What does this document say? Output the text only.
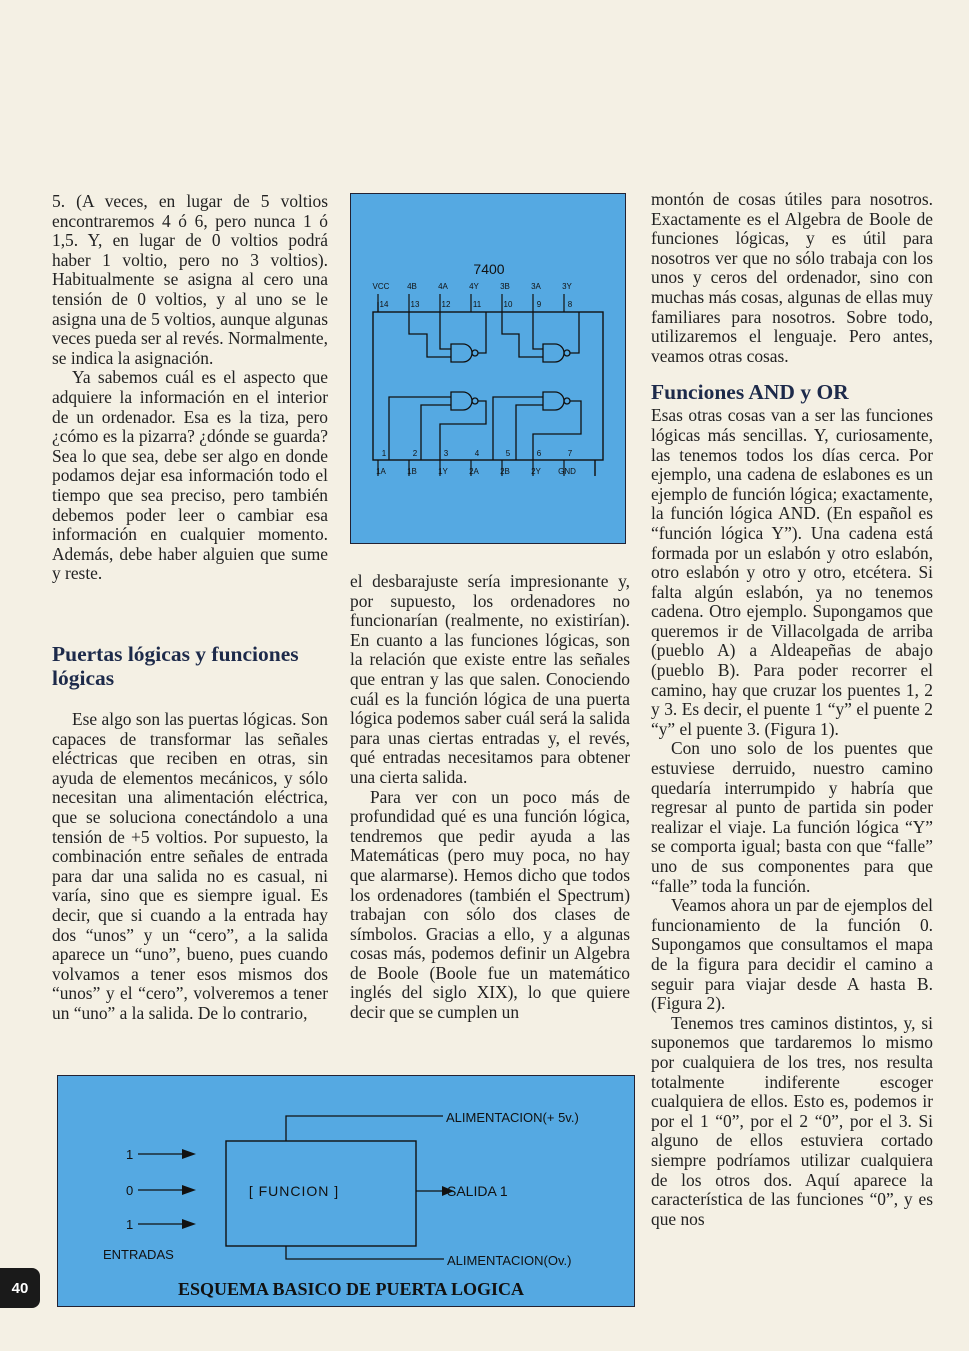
5. (A veces, en lugar de 5 voltios encontraremos 4 ó 6, pero nunca 1 ó 1,5. Y, en lugar de 0 voltios podrá haber 1 voltio, pero no 3 voltios). Habitualmente se asigna al cero una tensión de 0 voltios, y al uno se le asigna una de 5 voltios, aunque algunas veces pueda ser al revés. Normalmente, se indica la asignación.

Ya sabemos cuál es el aspecto que adquiere la información en el interior de un ordenador. Esa es la tiza, pero ¿cómo es la pizarra? ¿dónde se guarda? Sea lo que sea, debe ser algo en donde podamos dejar esa información todo el tiempo que sea preciso, pero también debemos poder leer o cambiar esa información en cualquier momento. Además, debe haber alguien que sume y reste.

Puertas lógicas y funciones lógicas

Ese algo son las puertas lógicas. Son capaces de transformar las señales eléctricas que reciben en otras, sin ayuda de elementos mecánicos, y sólo necesitan una alimentación eléctrica, que se soluciona conectándolo a una tensión de +5 voltios. Por supuesto, la combinación entre señales de entrada para dar una salida no es casual, ni varía, sino que es siempre igual. Es decir, que si cuando a la entrada hay dos “unos” y un “cero”, a la salida aparece un “uno”, bueno, pues cuando volvamos a tener esos mismos dos “unos” y el “cero”, volveremos a tener un “uno” a la salida. De lo contrario,

7400
VCC 4B	4A	4Y	3B	3A	3Y
14	13	12	11	10	9	8
1	2	3	4	5	6	7
1A	1B	1Y	2A	2B	2Y GND

el desbarajuste sería impresionante y, por supuesto, los ordenadores no funcionarían (realmente, no existirían). En cuanto a las funciones lógicas, son la relación que existe entre las señales que entran y las que salen. Conociendo cuál es la función lógica de una puerta lógica podemos saber cuál será la salida para unas ciertas entradas y, el revés, qué entradas necesitamos para obtener una cierta salida.

Para ver con un poco más de profundidad qué es una función lógica, tendremos que pedir ayuda a las Matemáticas (pero muy poca, no hay que alarmarse). Hemos dicho que todos los ordenadores (también el Spectrum) trabajan con sólo dos clases de símbolos. Gracias a ello, y a algunas cosas más, podemos definir un Algebra de Boole (Boole fue un matemático inglés del siglo XIX), lo que quiere decir que se cumplen un

montón de cosas útiles para nosotros. Exactamente es el Algebra de Boole de funciones lógicas, y es útil para nosotros ver que no sólo trabaja con los unos y ceros del ordenador, sino con muchas más cosas, algunas de ellas muy familiares para nosotros. Sobre todo, utilizaremos el lenguaje. Pero antes, veamos otras cosas.

Funciones AND y OR

Esas otras cosas van a ser las funciones lógicas más sencillas. Y, curiosamente, las tenemos todos los días cerca. Por ejemplo, una cadena de eslabones es un ejemplo de función lógica; exactamente, la función lógica AND. (En español es “función lógica Y”). Una cadena está formada por un eslabón y otro eslabón, otro eslabón y otro y otro, etcétera. Si falta algún eslabón, ya no tenemos cadena. Otro ejemplo. Supongamos que queremos ir de Villacolgada de arriba (pueblo A) a Aldeapeñas de abajo (pueblo B). Para poder recorrer el camino, hay que cruzar los puentes 1, 2 y 3. Es decir, el puente 1 “y” el puente 2 “y” el puente 3. (Figura 1).

Con uno solo de los puentes que estuviese derruido, nuestro camino quedaría interrumpido y habría que regresar al punto de partida sin poder realizar el viaje. La función lógica “Y” se comporta igual; basta con que “falle” uno de sus componentes para que “falle” toda la función.

Veamos ahora un par de ejemplos del funcionamiento de la función 0. Supongamos que consultamos el mapa de la figura para decidir el camino a seguir para viajar desde A hasta B. (Figura 2).

Tenemos tres caminos distintos, y, si suponemos que tardaremos lo mismo por cualquiera de los tres, nos resulta totalmente indiferente escoger cualquiera de ellos. Esto es, podemos ir por el 1 “0”, por el 2 “0”, por el 3. Si alguno de ellos estuviera cortado siempre podríamos utilizar cualquiera de los otros dos. Aquí aparece la característica de las funciones “0”, y es que nos

[ FUNCION ]
ALIMENTACION(+ 5v.)
ALIMENTACION(Ov.)
SALIDA 1
1
0
1
ENTRADAS
ESQUEMA BASICO DE PUERTA LOGICA
40
